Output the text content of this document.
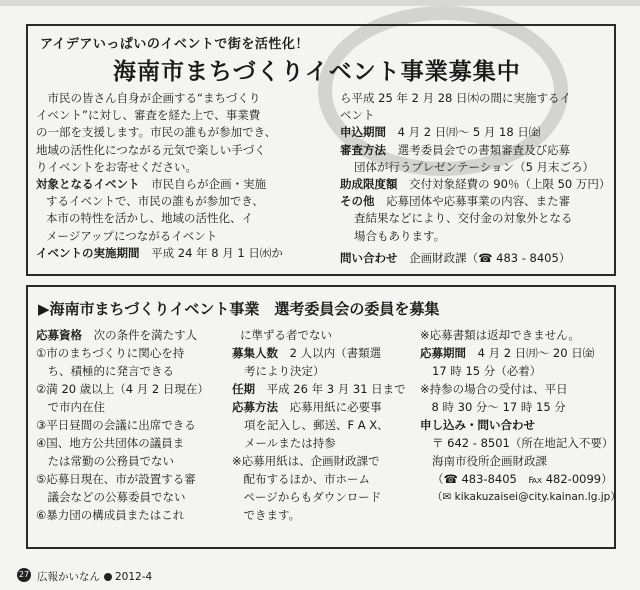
アイデアいっぱいのイベントで街を活性化！
海南市まちづくりイベント事業募集中
　市民の皆さん自身が企画する“まちづくり
イベント”に対し、審査を経た上で、事業費
の一部を支援します。市民の誰もが参加でき、
地域の活性化につながる元気で楽しい手づく
りイベントをお寄せください。
対象となるイベント 市民自らが企画・実施
するイベントで、市民の誰もが参加でき、
本市の特性を活かし、地域の活性化、イ
メージアップにつながるイベント
イベントの実施期間 平成 24 年 8 月 1 日㈬か
ら平成 25 年 2 月 28 日㈭の間に実施するイ
ベント
申込期間 4 月 2 日㈪～ 5 月 18 日㈮
審査方法 選考委員会での書類審査及び応募
団体が行うプレゼンテーション（5 月末ごろ）
助成限度額 交付対象経費の 90％（上限 50 万円）
その他 応募団体や応募事業の内容、また審
査結果などにより、交付金の対象外となる
場合もあります。
問い合わせ 企画財政課（☎ 483 - 8405）
▶海南市まちづくりイベント事業　選考委員会の委員を募集
応募資格 次の条件を満たす人
①市のまちづくりに関心を持
　ち、積極的に発言できる
②満 20 歳以上（4 月 2 日現在）
　で市内在住
③平日昼間の会議に出席できる
④国、地方公共団体の議員ま
　たは常勤の公務員でない
⑤応募日現在、市が設置する審
　議会などの公募委員でない
⑥暴力団の構成員またはこれ
に準ずる者でない
募集人数 2 人以内（書類選
考により決定）
任期 平成 26 年 3 月 31 日まで
応募方法 応募用紙に必要事
項を記入し、郵送、F A X、
メールまたは持参
※応募用紙は、企画財政課で
　配布するほか、市ホーム
　ページからもダウンロード
　できます。
※応募書類は返却できません。
応募期間 4 月 2 日㈪～ 20 日㈮
17 時 15 分（必着）
※持参の場合の受付は、平日
　8 時 30 分～ 17 時 15 分
申し込み・問い合わせ
〒 642 - 8501（所在地記入不要）
海南市役所企画財政課
（☎ 483-8405　℻ 482-0099）
（✉ kikakuzaisei@city.kainan.lg.jp）
27 広報かいなん 2012-4
